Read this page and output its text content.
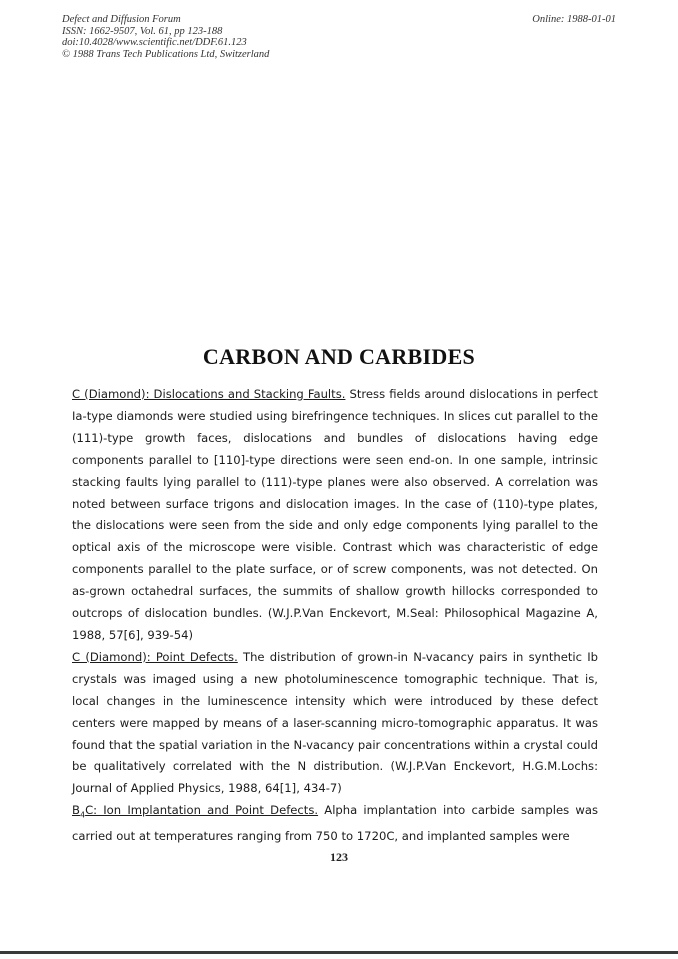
Defect and Diffusion Forum
ISSN: 1662-9507, Vol. 61, pp 123-188
doi:10.4028/www.scientific.net/DDF.61.123
© 1988 Trans Tech Publications Ltd, Switzerland
Online: 1988-01-01
CARBON AND CARBIDES

C (Diamond): Dislocations and Stacking Faults. Stress fields around dislocations in perfect Ia-type diamonds were studied using birefringence techniques. In slices cut parallel to the (111)-type growth faces, dislocations and bundles of dislocations having edge components parallel to [110]-type directions were seen end-on. In one sample, intrinsic stacking faults lying parallel to (111)-type planes were also observed. A correlation was noted between surface trigons and dislocation images. In the case of (110)-type plates, the dislocations were seen from the side and only edge components lying parallel to the optical axis of the microscope were visible. Contrast which was characteristic of edge components parallel to the plate surface, or of screw components, was not detected. On as-grown octahedral surfaces, the summits of shallow growth hillocks corresponded to outcrops of dislocation bundles. (W.J.P.Van Enckevort, M.Seal: Philosophical Magazine A, 1988, 57[6], 939-54)

C (Diamond): Point Defects. The distribution of grown-in N-vacancy pairs in synthetic Ib crystals was imaged using a new photoluminescence tomographic technique. That is, local changes in the luminescence intensity which were introduced by these defect centers were mapped by means of a laser-scanning micro-tomographic apparatus. It was found that the spatial variation in the N-vacancy pair concentrations within a crystal could be qualitatively correlated with the N distribution. (W.J.P.Van Enckevort, H.G.M.Lochs: Journal of Applied Physics, 1988, 64[1], 434-7)

$B_4C$: Ion Implantation and Point Defects. Alpha implantation into carbide samples was carried out at temperatures ranging from 750 to 1720C, and implanted samples were

123
